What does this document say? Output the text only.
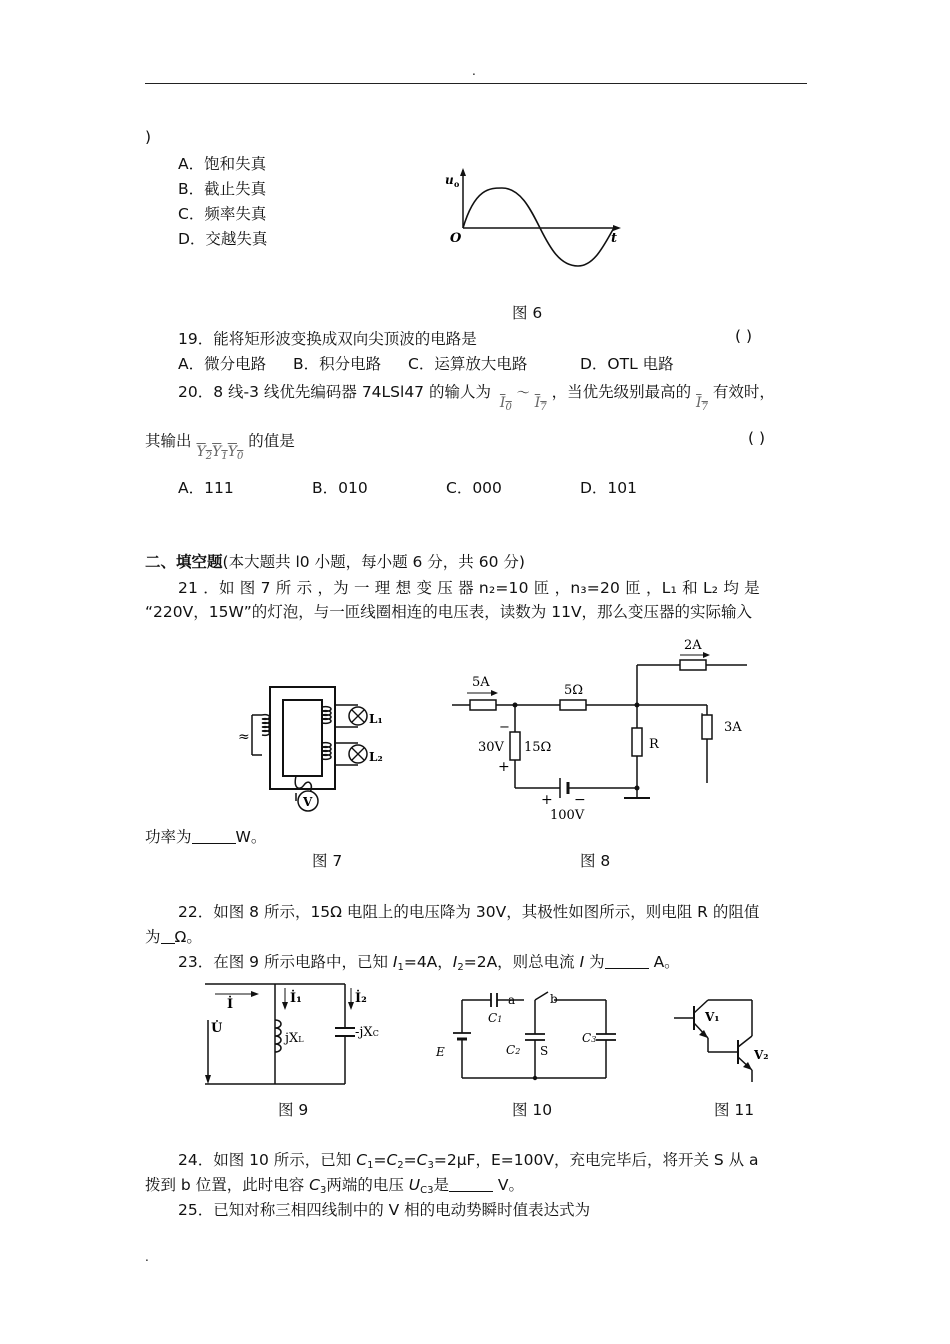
.
)
A．饱和失真
B．截止失真
C．频率失真
D．交越失真
u o
O	t
图 6
19．能将矩形波变换成双向尖顶波的电路是	( )
A．微分电路 B．积分电路 C．运算放大电路	D．OTL 电路
20．8 线-3 线优先编码器 74LSl47 的输人为 $I_0$ ～ $I_7$ ，当优先级别最高的 $I_7$ 有效时，
其输出 $Y_2Y_1Y_0$ 的值是	( )
A．111	B．010	C．000	D．101
二、填空题(本大题共 l0 小题，每小题 6 分，共 60 分)
21 ．如 图 7 所 示 ，为 一 理 想 变 压 器 n₂=10 匝 ，n₃=20 匝 ，L₁ 和 L₂ 均 是
“220V，15W”的灯泡，与一匝线圈相连的电压表，读数为 11V，那么变压器的实际输入
≈
L₁
L₂
V
2A
5A
5Ω
15Ω
30V
−
+
R
3A
+ −
100V
功率为	W。
图 7	图 8
22．如图 8 所示，15Ω 电阻上的电压降为 30V，其极性如图所示，则电阻 R 的阻值
为 Ω。
23．在图 9 所示电路中，已知 $I_1=4A$，$I_2=2A$，则总电流 I 为	A。
U̇
İ	İ₁
jXL
İ₂
-jXC
a
C1
S
b
E	C2
C3
V₁
V₂
图 9	图 10	图 11
24．如图 10 所示，已知 $C_1=C_2=C_3=2\mu F$，E=100V，充电完毕后，将开关 S 从 a
拨到 b 位置，此时电容 $C_3$两端的电压 $U_{C3}$是	V。
25．已知对称三相四线制中的 V 相的电动势瞬时值表达式为
.
